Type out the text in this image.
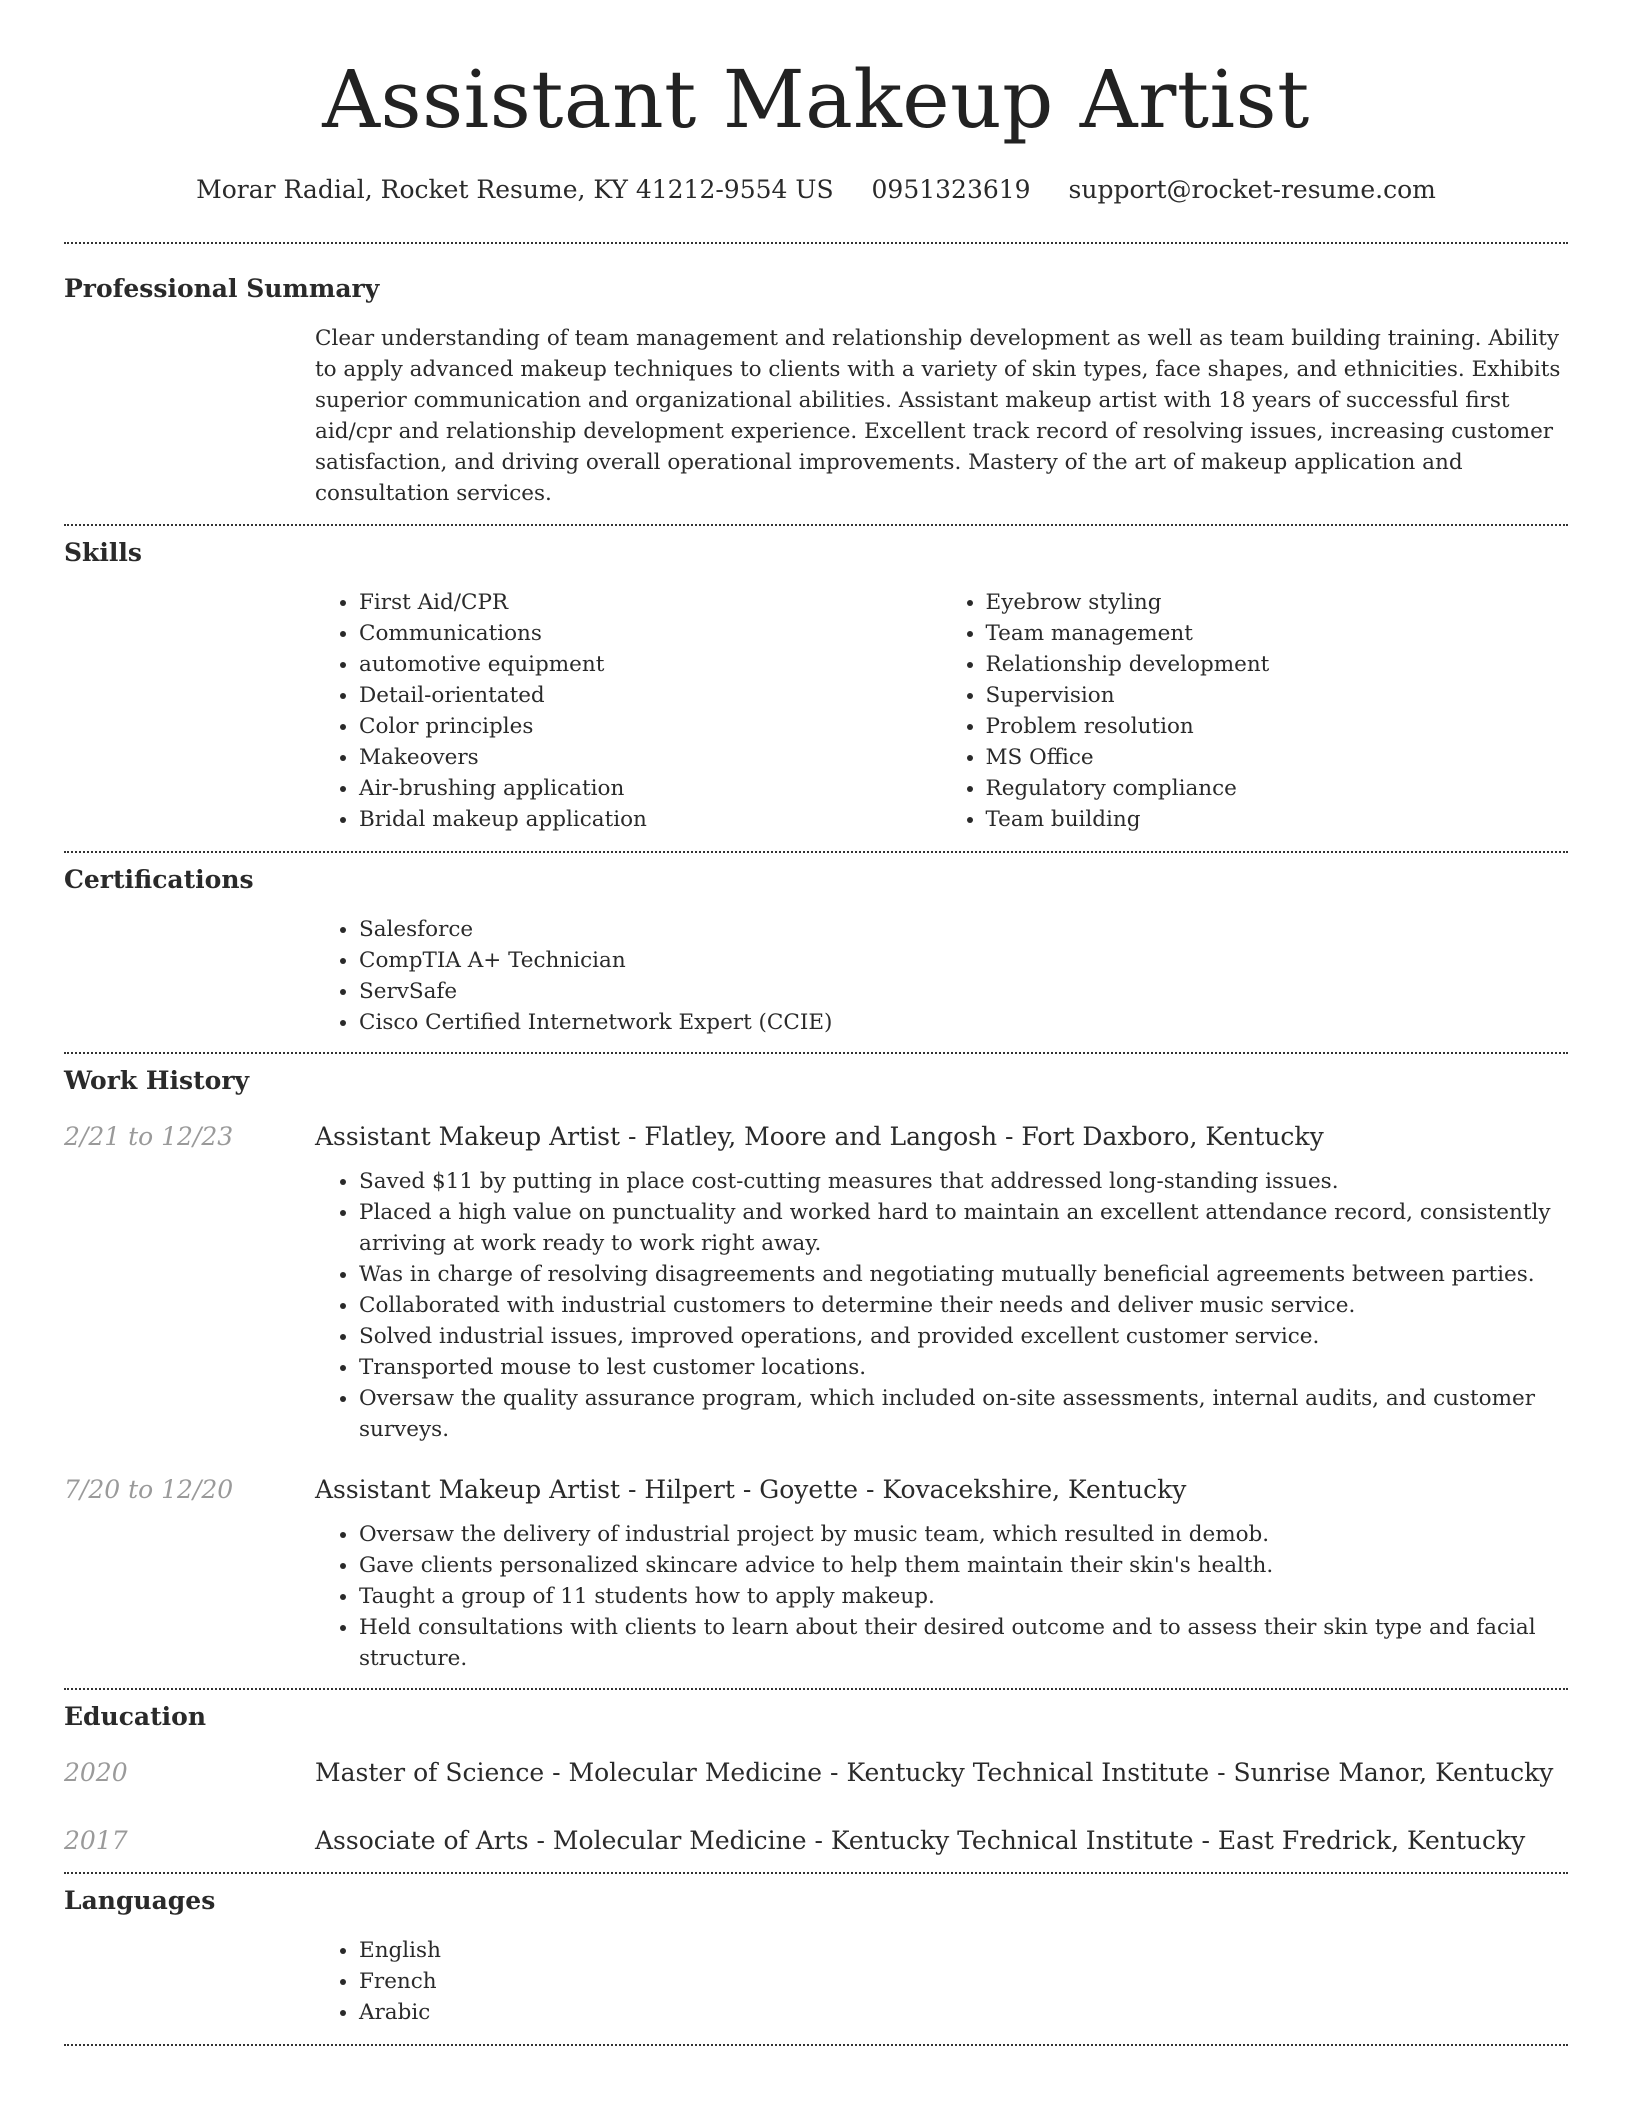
Assistant Makeup Artist
Morar Radial, Rocket Resume, KY 41212-9554 US 0951323619 support@rocket-resume.com
Professional Summary

Clear understanding of team management and relationship development as well as team building training. Ability to apply advanced makeup techniques to clients with a variety of skin types, face shapes, and ethnicities. Exhibits superior communication and organizational abilities. Assistant makeup artist with 18 years of successful first aid/cpr and relationship development experience. Excellent track record of resolving issues, increasing customer satisfaction, and driving overall operational improvements. Mastery of the art of makeup application and consultation services.

Skills
• First Aid/CPR
• Communications
• automotive equipment
• Detail-orientated
• Color principles
• Makeovers
• Air-brushing application
• Bridal makeup application
• Eyebrow styling
• Team management
• Relationship development
• Supervision
• Problem resolution
• MS Office
• Regulatory compliance
• Team building
Certifications
• Salesforce
• CompTIA A+ Technician
• ServSafe
• Cisco Certified Internetwork Expert (CCIE)
Work History
2/21 to 12/23	Assistant Makeup Artist - Flatley, Moore and Langosh - Fort Daxboro, Kentucky
• Saved $11 by putting in place cost-cutting measures that addressed long-standing issues.
• Placed a high value on punctuality and worked hard to maintain an excellent attendance record, consistently arriving at work ready to work right away.
• Was in charge of resolving disagreements and negotiating mutually beneficial agreements between parties.
• Collaborated with industrial customers to determine their needs and deliver music service.
• Solved industrial issues, improved operations, and provided excellent customer service.
• Transported mouse to lest customer locations.
• Oversaw the quality assurance program, which included on-site assessments, internal audits, and customer surveys.
7/20 to 12/20	Assistant Makeup Artist - Hilpert - Goyette - Kovacekshire, Kentucky
• Oversaw the delivery of industrial project by music team, which resulted in demob.
• Gave clients personalized skincare advice to help them maintain their skin's health.
• Taught a group of 11 students how to apply makeup.
• Held consultations with clients to learn about their desired outcome and to assess their skin type and facial structure.
Education
2020	Master of Science - Molecular Medicine - Kentucky Technical Institute - Sunrise Manor, Kentucky
2017	Associate of Arts - Molecular Medicine - Kentucky Technical Institute - East Fredrick, Kentucky
Languages
• English
• French
• Arabic
